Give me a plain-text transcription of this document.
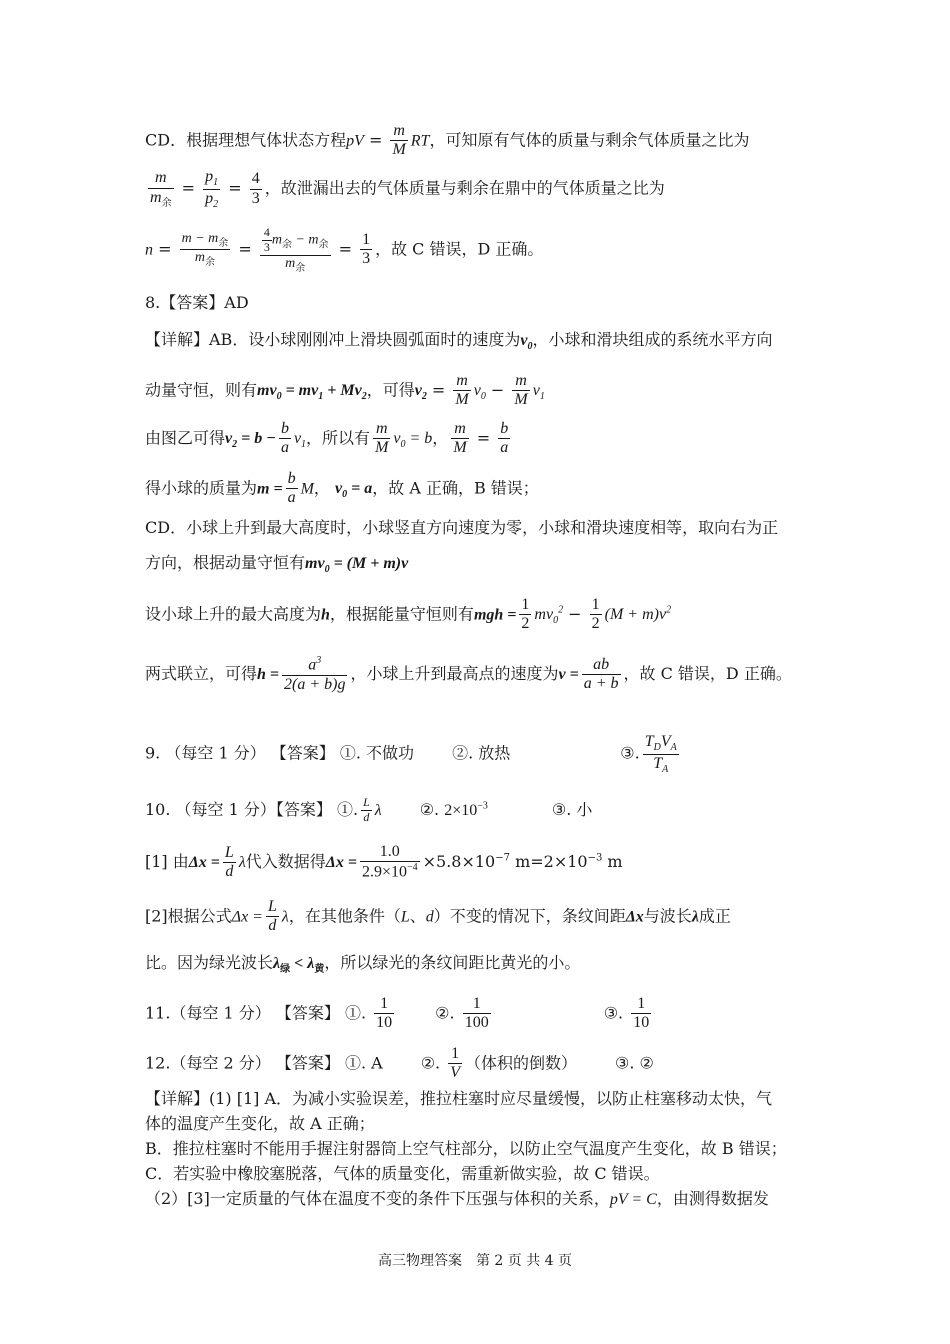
CD．根据理想气体状态方程pV = $\frac{m}{M}$ RT，可知原有气体的质量与剩余气体质量之比为
$\frac{m}{m_余} = \frac{p_1}{p_2} = \frac{4}{3}$ ，故泄漏出去的气体质量与剩余在鼎中的气体质量之比为
$n = \frac{m - m_余}{m_余} = \frac{\frac{4}{3} m_余 - m_余}{m_余} = \frac{1}{3}$ ，故 C 错误，D 正确。
8.【答案】AD
【详解】AB．设小球刚刚冲上滑块圆弧面时的速度为$v_0$，小球和滑块组成的系统水平方向
动量守恒，则有$mv_0 = mv_1 + Mv_2$，可得$v_2 = \frac{m}{M} v_0 - \frac{m}{M} v_1$
由图乙可得$v_2 = b - \frac{b}{a} v_1$，所以有 $\frac{m}{M} v_0 = b$， $\frac{m}{M} = \frac{b}{a}$
得小球的质量为$m = \frac{b}{a}$ M， $v_0 = a$，故 A 正确，B 错误；
CD．小球上升到最大高度时，小球竖直方向速度为零，小球和滑块速度相等，取向右为正
方向，根据动量守恒有$mv_0 = (M + m)v$
设小球上升的最大高度为h，根据能量守恒则有mgh = $\frac{1}{2} mv_0^2 - \frac{1}{2} (M + m)v^2$
两式联立，可得$h = \frac{a^3}{2(a + b)g}$ ，小球上升到最高点的速度为$v = \frac{ab}{a + b}$ ，故 C 错误，D 正确。
9. （每空 1 分） 【答案】 ①. 不做功 ②. 放热	③. $\frac{T_DV_A}{T_A}$
10. （每空 1 分）【答案】 ①. $\frac{L}{d}$ λ ②. $2\times 10^{-3}$	③. 小
[1] 由$\Delta x = \frac{L}{d}$ λ代入数据得$\Delta x = \frac{1.0}{2.9\times 10^{-4}} \times 5.8\times 10^{-7}$ $m=2\times 10^{-3}$ m
[2]根据公式$\Delta x = \frac{L}{d}$ λ，在其他条件（L、d）不变的情况下，条纹间距Δx与波长λ成正
比。因为绿光波长$\lambda_绿 < \lambda_黄$，所以绿光的条纹间距比黄光的小。
11.（每空 1 分） 【答案】 ①. $\frac{1}{10}$	②. $\frac{1}{100}$	③. $\frac{1}{10}$
12.（每空 2 分） 【答案】 ①. A ②. $\frac{1}{V}$ （体积的倒数） ③. ②
【详解】(1) [1] A．为减小实验误差，推拉柱塞时应尽量缓慢，以防止柱塞移动太快，气
体的温度产生变化，故 A 正确；
B．推拉柱塞时不能用手握注射器筒上空气柱部分，以防止空气温度产生变化，故 B 错误；
C．若实验中橡胶塞脱落，气体的质量变化，需重新做实验，故 C 错误。
（2）[3]一定质量的气体在温度不变的条件下压强与体积的关系，pV = C，由测得数据发
高三物理答案　第 2 页 共 4 页
